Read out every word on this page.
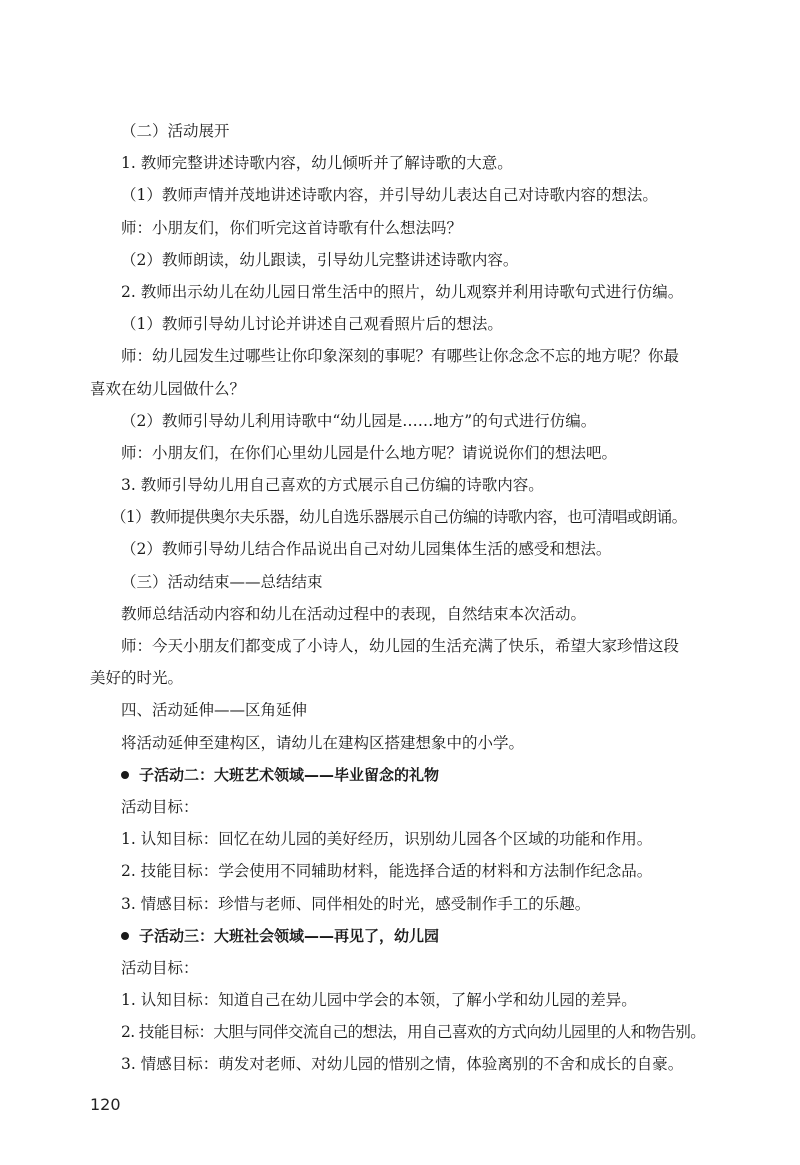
（二）活动展开

1. 教师完整讲述诗歌内容，幼儿倾听并了解诗歌的大意。

（1）教师声情并茂地讲述诗歌内容，并引导幼儿表达自己对诗歌内容的想法。

师：小朋友们，你们听完这首诗歌有什么想法吗？

（2）教师朗读，幼儿跟读，引导幼儿完整讲述诗歌内容。

2. 教师出示幼儿在幼儿园日常生活中的照片，幼儿观察并利用诗歌句式进行仿编。

（1）教师引导幼儿讨论并讲述自己观看照片后的想法。

师：幼儿园发生过哪些让你印象深刻的事呢？有哪些让你念念不忘的地方呢？你最

喜欢在幼儿园做什么？

（2）教师引导幼儿利用诗歌中“幼儿园是……地方”的句式进行仿编。

师：小朋友们，在你们心里幼儿园是什么地方呢？请说说你们的想法吧。

3. 教师引导幼儿用自己喜欢的方式展示自己仿编的诗歌内容。

（1）教师提供奥尔夫乐器，幼儿自选乐器展示自己仿编的诗歌内容，也可清唱或朗诵。

（2）教师引导幼儿结合作品说出自己对幼儿园集体生活的感受和想法。

（三）活动结束——总结结束

教师总结活动内容和幼儿在活动过程中的表现，自然结束本次活动。

师：今天小朋友们都变成了小诗人，幼儿园的生活充满了快乐，希望大家珍惜这段

美好的时光。

四、活动延伸——区角延伸

将活动延伸至建构区，请幼儿在建构区搭建想象中的小学。

子活动二：大班艺术领域——毕业留念的礼物

活动目标：

1. 认知目标：回忆在幼儿园的美好经历，识别幼儿园各个区域的功能和作用。

2. 技能目标：学会使用不同辅助材料，能选择合适的材料和方法制作纪念品。

3. 情感目标：珍惜与老师、同伴相处的时光，感受制作手工的乐趣。

子活动三：大班社会领域——再见了，幼儿园

活动目标：

1. 认知目标：知道自己在幼儿园中学会的本领，了解小学和幼儿园的差异。

2. 技能目标：大胆与同伴交流自己的想法，用自己喜欢的方式向幼儿园里的人和物告别。

3. 情感目标：萌发对老师、对幼儿园的惜别之情，体验离别的不舍和成长的自豪。

120
